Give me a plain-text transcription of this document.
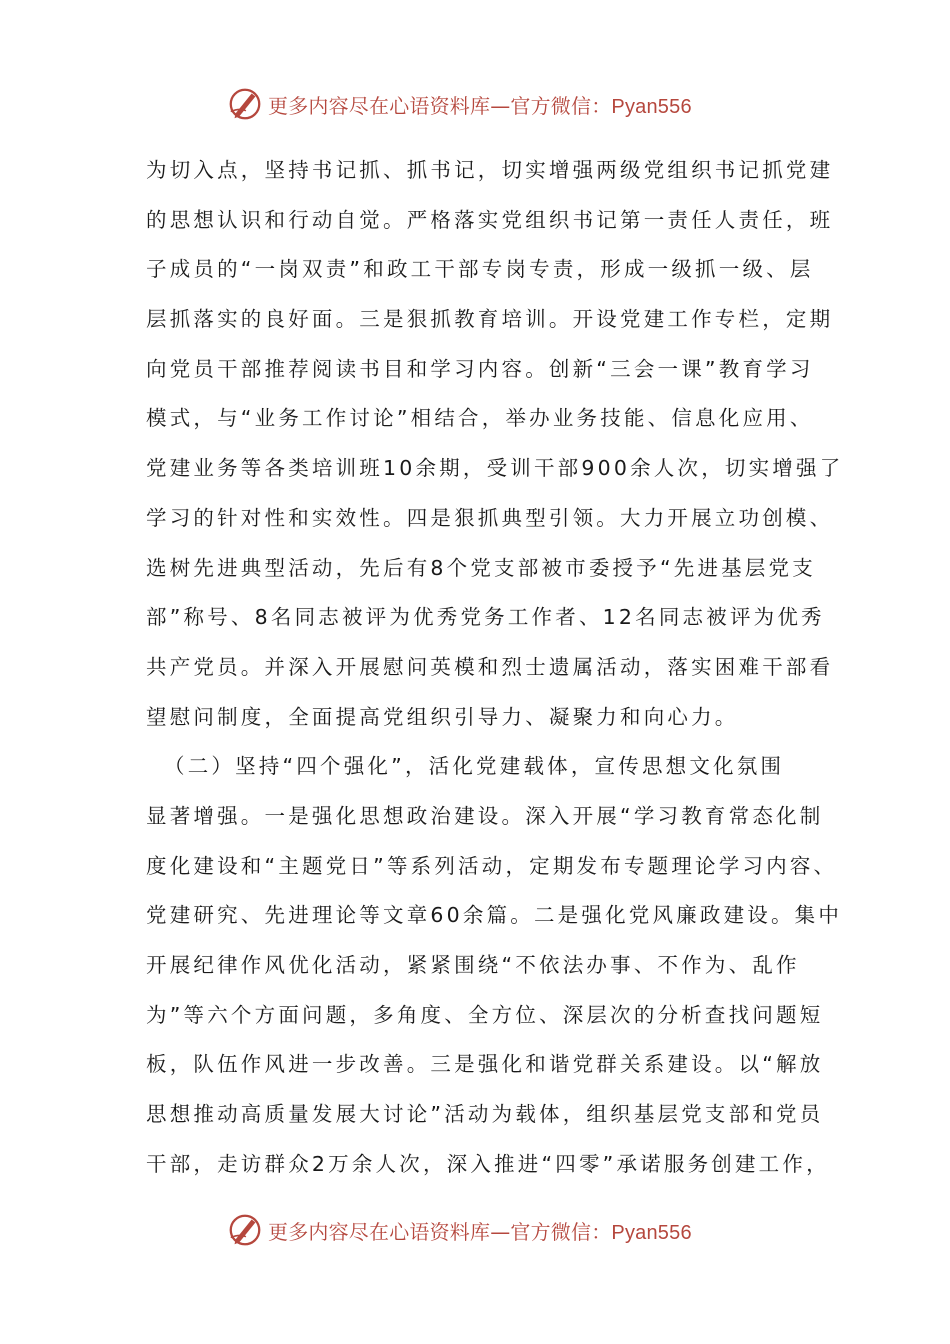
更多内容尽在心语资料库—官方微信：Pyan556
为切入点，坚持书记抓、抓书记，切实增强两级党组织书记抓党建
的思想认识和行动自觉。严格落实党组织书记第一责任人责任，班
子成员的“一岗双责”和政工干部专岗专责，形成一级抓一级、层
层抓落实的良好面。三是狠抓教育培训。开设党建工作专栏，定期
向党员干部推荐阅读书目和学习内容。创新“三会一课”教育学习
模式，与“业务工作讨论”相结合，举办业务技能、信息化应用、
党建业务等各类培训班10余期，受训干部900余人次，切实增强了
学习的针对性和实效性。四是狠抓典型引领。大力开展立功创模、
选树先进典型活动，先后有8个党支部被市委授予“先进基层党支
部”称号、8名同志被评为优秀党务工作者、12名同志被评为优秀
共产党员。并深入开展慰问英模和烈士遗属活动，落实困难干部看
望慰问制度，全面提高党组织引导力、凝聚力和向心力。
（二）坚持“四个强化”，活化党建载体，宣传思想文化氛围
显著增强。一是强化思想政治建设。深入开展“学习教育常态化制
度化建设和“主题党日”等系列活动，定期发布专题理论学习内容、
党建研究、先进理论等文章60余篇。二是强化党风廉政建设。集中
开展纪律作风优化活动，紧紧围绕“不依法办事、不作为、乱作
为”等六个方面问题，多角度、全方位、深层次的分析查找问题短
板，队伍作风进一步改善。三是强化和谐党群关系建设。以“解放
思想推动高质量发展大讨论”活动为载体，组织基层党支部和党员
干部，走访群众2万余人次，深入推进“四零”承诺服务创建工作，
更多内容尽在心语资料库—官方微信：Pyan556
